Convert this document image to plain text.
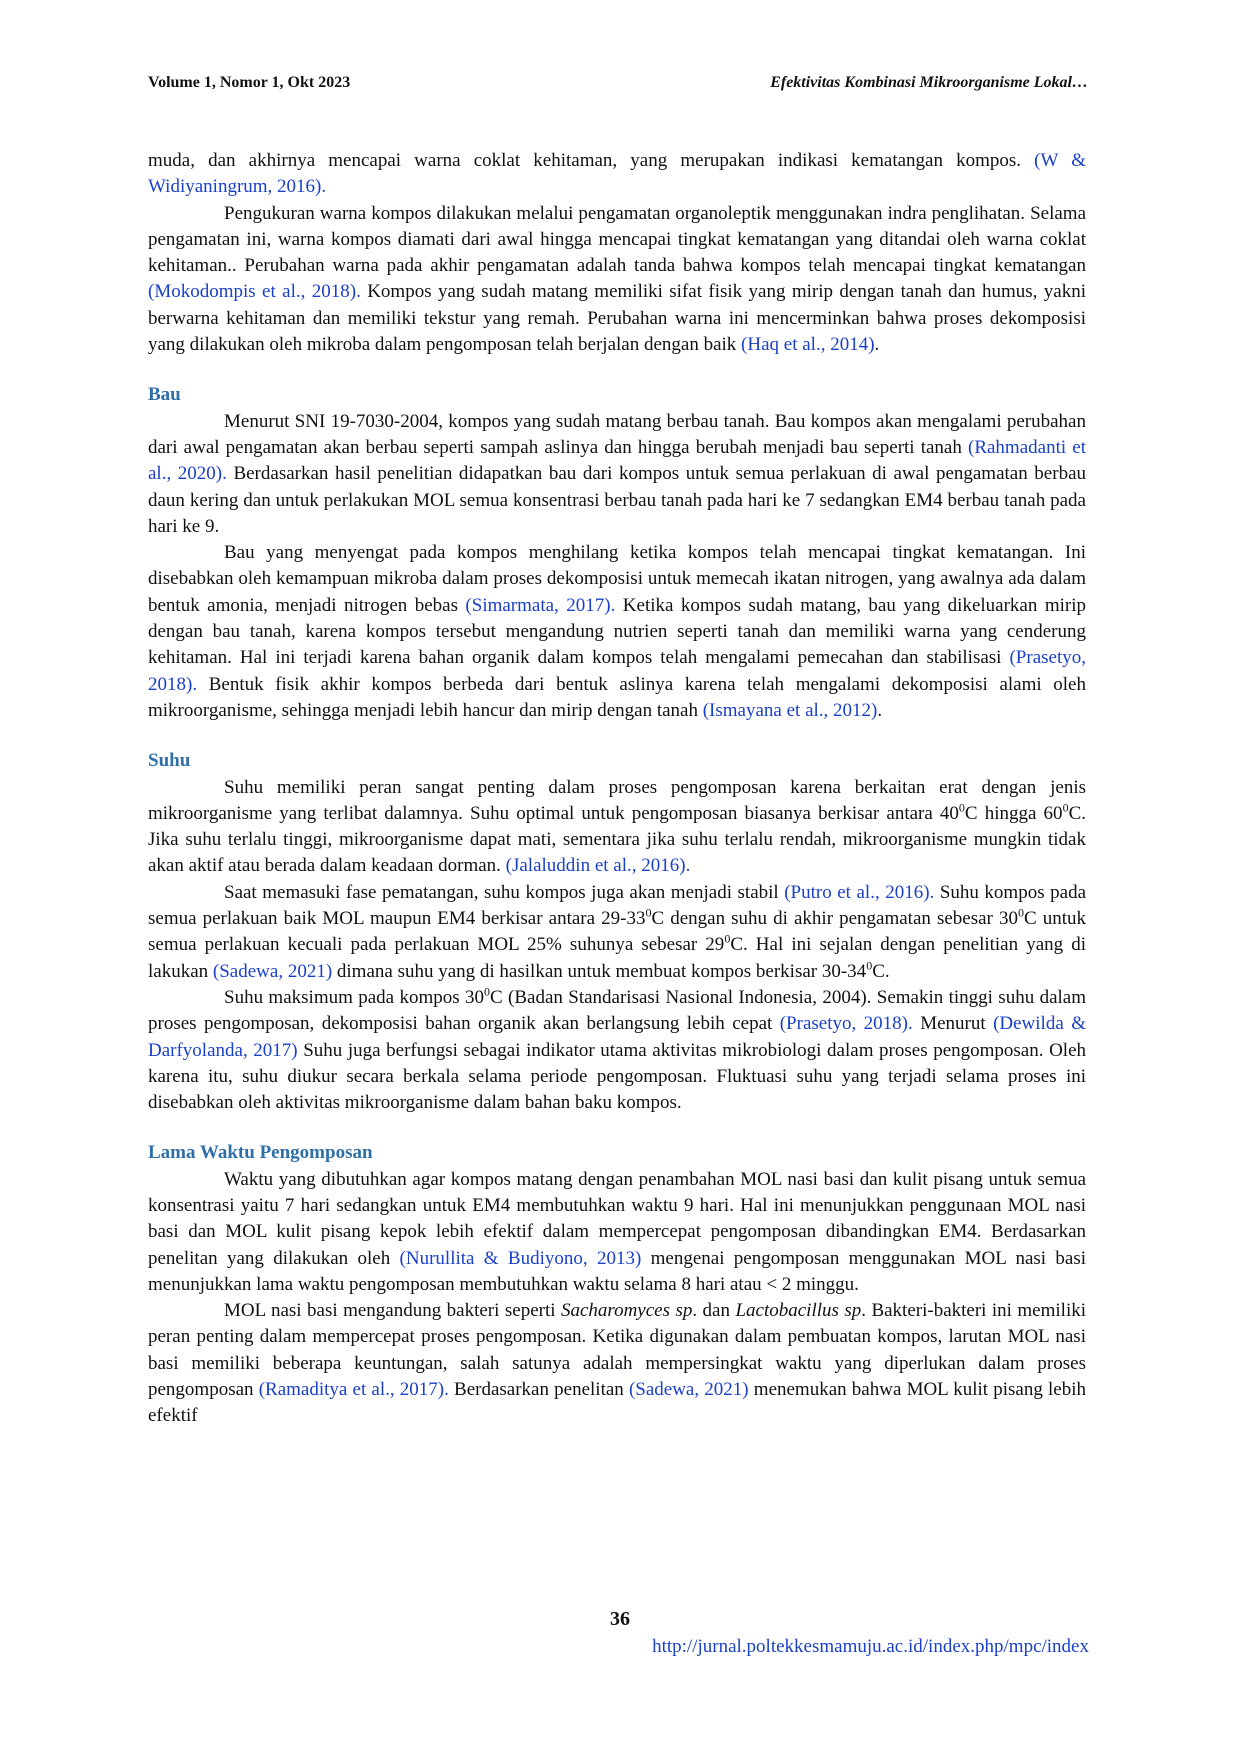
Volume 1, Nomor 1, Okt 2023	Efektivitas Kombinasi Mikroorganisme Lokal…

muda, dan akhirnya mencapai warna coklat kehitaman, yang merupakan indikasi kematangan kompos. (W & Widiyaningrum, 2016).

Pengukuran warna kompos dilakukan melalui pengamatan organoleptik menggunakan indra penglihatan. Selama pengamatan ini, warna kompos diamati dari awal hingga mencapai tingkat kematangan yang ditandai oleh warna coklat kehitaman.. Perubahan warna pada akhir pengamatan adalah tanda bahwa kompos telah mencapai tingkat kematangan (Mokodompis et al., 2018). Kompos yang sudah matang memiliki sifat fisik yang mirip dengan tanah dan humus, yakni berwarna kehitaman dan memiliki tekstur yang remah. Perubahan warna ini mencerminkan bahwa proses dekomposisi yang dilakukan oleh mikroba dalam pengomposan telah berjalan dengan baik (Haq et al., 2014).

Bau

Menurut SNI 19-7030-2004, kompos yang sudah matang berbau tanah. Bau kompos akan mengalami perubahan dari awal pengamatan akan berbau seperti sampah aslinya dan hingga berubah menjadi bau seperti tanah (Rahmadanti et al., 2020). Berdasarkan hasil penelitian didapatkan bau dari kompos untuk semua perlakuan di awal pengamatan berbau daun kering dan untuk perlakukan MOL semua konsentrasi berbau tanah pada hari ke 7 sedangkan EM4 berbau tanah pada hari ke 9.

Bau yang menyengat pada kompos menghilang ketika kompos telah mencapai tingkat kematangan. Ini disebabkan oleh kemampuan mikroba dalam proses dekomposisi untuk memecah ikatan nitrogen, yang awalnya ada dalam bentuk amonia, menjadi nitrogen bebas (Simarmata, 2017). Ketika kompos sudah matang, bau yang dikeluarkan mirip dengan bau tanah, karena kompos tersebut mengandung nutrien seperti tanah dan memiliki warna yang cenderung kehitaman. Hal ini terjadi karena bahan organik dalam kompos telah mengalami pemecahan dan stabilisasi (Prasetyo, 2018). Bentuk fisik akhir kompos berbeda dari bentuk aslinya karena telah mengalami dekomposisi alami oleh mikroorganisme, sehingga menjadi lebih hancur dan mirip dengan tanah (Ismayana et al., 2012).

Suhu

Suhu memiliki peran sangat penting dalam proses pengomposan karena berkaitan erat dengan jenis mikroorganisme yang terlibat dalamnya. Suhu optimal untuk pengomposan biasanya berkisar antara $40^0C$ hingga $60^0C$. Jika suhu terlalu tinggi, mikroorganisme dapat mati, sementara jika suhu terlalu rendah, mikroorganisme mungkin tidak akan aktif atau berada dalam keadaan dorman. (Jalaluddin et al., 2016).

Saat memasuki fase pematangan, suhu kompos juga akan menjadi stabil (Putro et al., 2016). Suhu kompos pada semua perlakuan baik MOL maupun EM4 berkisar antara $29-33^0C$ dengan suhu di akhir pengamatan sebesar $30^0C$ untuk semua perlakuan kecuali pada perlakuan MOL 25% suhunya sebesar $29^0C$. Hal ini sejalan dengan penelitian yang di lakukan (Sadewa, 2021) dimana suhu yang di hasilkan untuk membuat kompos berkisar $30-34^0C$.

Suhu maksimum pada kompos $30^0C$ (Badan Standarisasi Nasional Indonesia, 2004). Semakin tinggi suhu dalam proses pengomposan, dekomposisi bahan organik akan berlangsung lebih cepat (Prasetyo, 2018). Menurut (Dewilda & Darfyolanda, 2017) Suhu juga berfungsi sebagai indikator utama aktivitas mikrobiologi dalam proses pengomposan. Oleh karena itu, suhu diukur secara berkala selama periode pengomposan. Fluktuasi suhu yang terjadi selama proses ini disebabkan oleh aktivitas mikroorganisme dalam bahan baku kompos.

Lama Waktu Pengomposan

Waktu yang dibutuhkan agar kompos matang dengan penambahan MOL nasi basi dan kulit pisang untuk semua konsentrasi yaitu 7 hari sedangkan untuk EM4 membutuhkan waktu 9 hari. Hal ini menunjukkan penggunaan MOL nasi basi dan MOL kulit pisang kepok lebih efektif dalam mempercepat pengomposan dibandingkan EM4. Berdasarkan penelitan yang dilakukan oleh (Nurullita & Budiyono, 2013) mengenai pengomposan menggunakan MOL nasi basi menunjukkan lama waktu pengomposan membutuhkan waktu selama 8 hari atau < 2 minggu.

MOL nasi basi mengandung bakteri seperti Sacharomyces sp. dan Lactobacillus sp. Bakteri-bakteri ini memiliki peran penting dalam mempercepat proses pengomposan. Ketika digunakan dalam pembuatan kompos, larutan MOL nasi basi memiliki beberapa keuntungan, salah satunya adalah mempersingkat waktu yang diperlukan dalam proses pengomposan (Ramaditya et al., 2017). Berdasarkan penelitan (Sadewa, 2021) menemukan bahwa MOL kulit pisang lebih efektif

36
http://jurnal.poltekkesmamuju.ac.id/index.php/mpc/index
